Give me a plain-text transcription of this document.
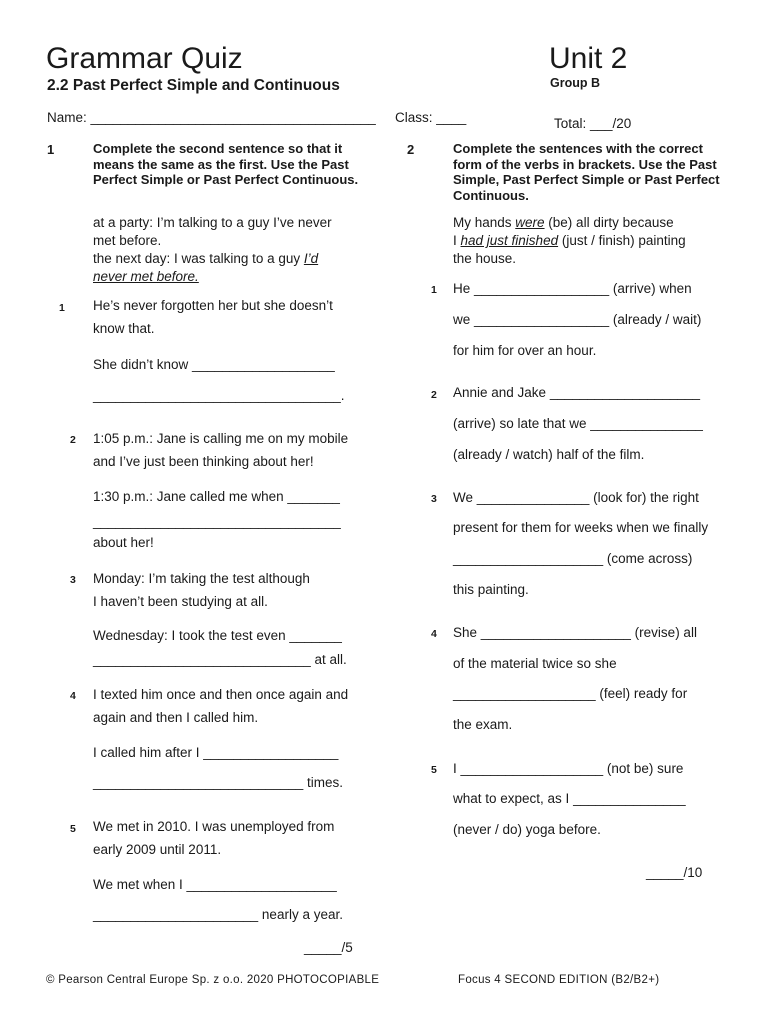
Grammar Quiz
2.2 Past Perfect Simple and Continuous
Unit 2
Group B
Name: ______________________________________ Class: ____	Total: ___/20
1	Complete the second sentence so that it means the same as the first. Use the Past Perfect Simple or Past Perfect Continuous.
at a party: I’m talking to a guy I’ve never
met before.
the next day: I was talking to a guy I’d
never met before.
1 He’s never forgotten her but she doesn’t
know that.
She didn’t know ___________________
_________________________________.
2 1:05 p.m.: Jane is calling me on my mobile
and I’ve just been thinking about her!
1:30 p.m.: Jane called me when _______
_________________________________
about her!
3 Monday: I’m taking the test although
I haven’t been studying at all.
Wednesday: I took the test even _______
_____________________________ at all.
4 I texted him once and then once again and
again and then I called him.
I called him after I __________________
____________________________ times.
5 We met in 2010. I was unemployed from
early 2009 until 2011.
We met when I ____________________
______________________ nearly a year.
_____/5
2	Complete the sentences with the correct form of the verbs in brackets. Use the Past Simple, Past Perfect Simple or Past Perfect Continuous.
My hands were (be) all dirty because
I had just finished (just / finish) painting
the house.
1 He __________________ (arrive) when
we __________________ (already / wait)
for him for over an hour.
2 Annie and Jake ____________________
(arrive) so late that we _______________
(already / watch) half of the film.
3 We _______________ (look for) the right
present for them for weeks when we finally
____________________ (come across)
this painting.
4 She ____________________ (revise) all
of the material twice so she
___________________ (feel) ready for
the exam.
5 I ___________________ (not be) sure
what to expect, as I _______________
(never / do) yoga before.
_____/10
© Pearson Central Europe Sp. z o.o. 2020 PHOTOCOPIABLE	Focus 4 SECOND EDITION (B2/B2+)
